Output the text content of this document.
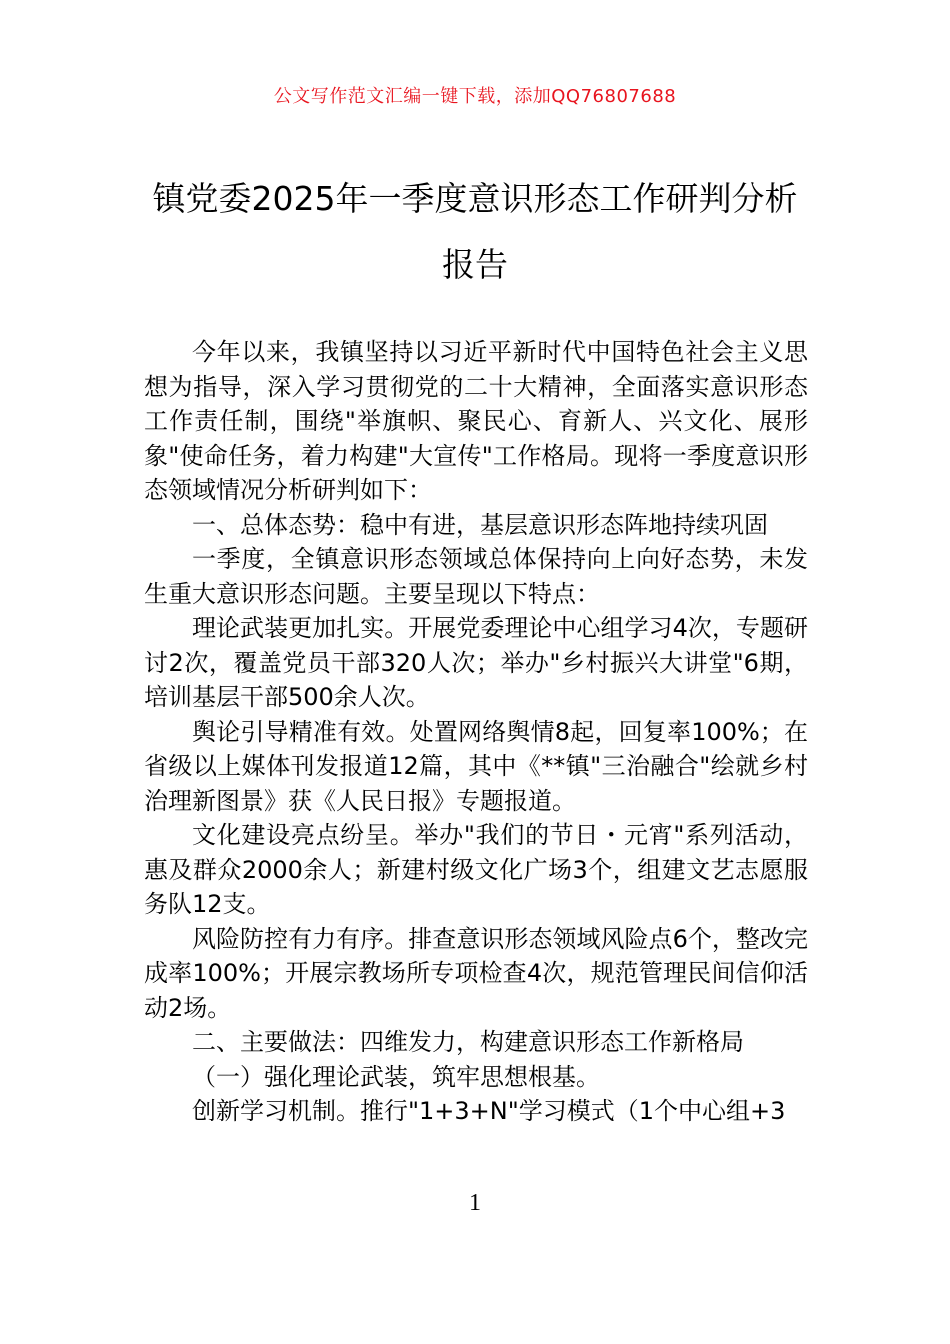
公文写作范文汇编一键下载，添加QQ76807688
镇党委2025年一季度意识形态工作研判分析报告

今年以来，我镇坚持以习近平新时代中国特色社会主义思想为指导，深入学习贯彻党的二十大精神，全面落实意识形态工作责任制，围绕"举旗帜、聚民心、育新人、兴文化、展形象"使命任务，着力构建"大宣传"工作格局。现将一季度意识形态领域情况分析研判如下：

一、总体态势：稳中有进，基层意识形态阵地持续巩固

一季度，全镇意识形态领域总体保持向上向好态势，未发生重大意识形态问题。主要呈现以下特点：

理论武装更加扎实。开展党委理论中心组学习4次，专题研讨2次，覆盖党员干部320人次；举办"乡村振兴大讲堂"6期，培训基层干部500余人次。

舆论引导精准有效。处置网络舆情8起，回复率100%；在省级以上媒体刊发报道12篇，其中《**镇"三治融合"绘就乡村治理新图景》获《人民日报》专题报道。

文化建设亮点纷呈。举办"我们的节日・元宵"系列活动，惠及群众2000余人；新建村级文化广场3个，组建文艺志愿服务队12支。

风险防控有力有序。排查意识形态领域风险点6个，整改完成率100%；开展宗教场所专项检查4次，规范管理民间信仰活动2场。

二、主要做法：四维发力，构建意识形态工作新格局

（一）强化理论武装，筑牢思想根基。

创新学习机制。推行"1+3+N"学习模式（1个中心组+3

1
